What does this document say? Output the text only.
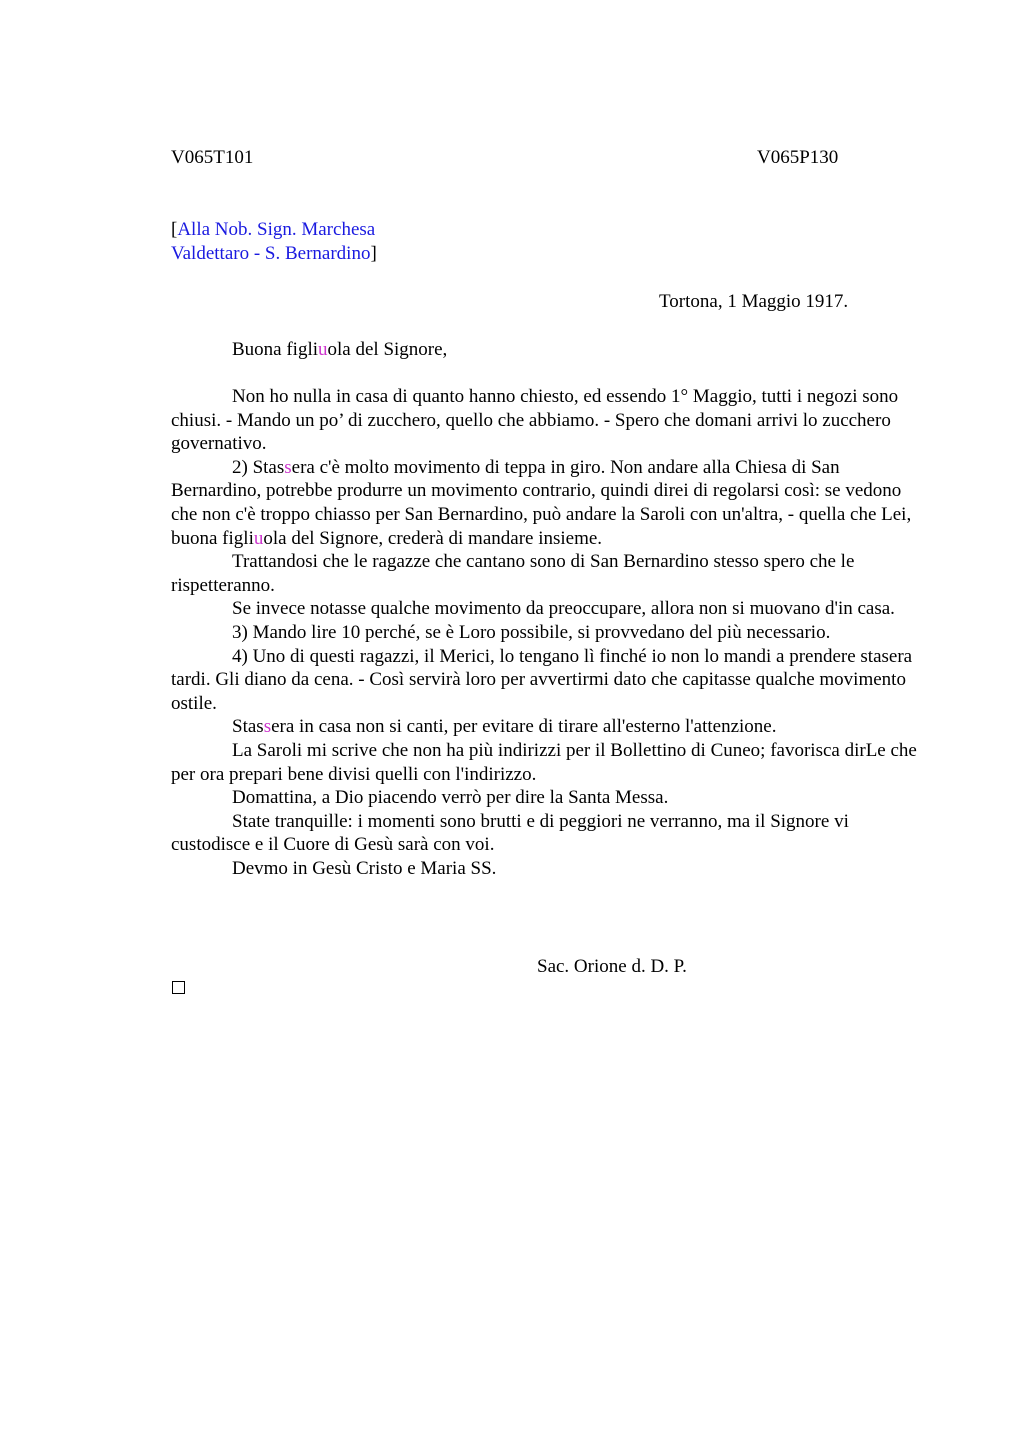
V065T101	V065P130
[Alla Nob. Sign. Marchesa
Valdettaro - S. Bernardino]
Tortona, 1 Maggio 1917.
Buona figliuola del Signore,

Non ho nulla in casa di quanto hanno chiesto, ed essendo 1° Maggio, tutti i negozi sono chiusi. - Mando un po’ di zucchero, quello che abbiamo. - Spero che domani arrivi lo zucchero governativo.

2) Stassera c'è molto movimento di teppa in giro. Non andare alla Chiesa di San Bernardino, potrebbe produrre un movimento contrario, quindi direi di regolarsi così: se vedono che non c'è troppo chiasso per San Bernardino, può andare la Saroli con un'altra, - quella che Lei, buona figliuola del Signore, crederà di mandare insieme.

Trattandosi che le ragazze che cantano sono di San Bernardino stesso spero che le rispetteranno.

Se invece notasse qualche movimento da preoccupare, allora non si muovano d'in casa.

3) Mando lire 10 perché, se è Loro possibile, si provvedano del più necessario.

4) Uno di questi ragazzi, il Merici, lo tengano lì finché io non lo mandi a prendere stasera tardi. Gli diano da cena. - Così servirà loro per avvertirmi dato che capitasse qualche movimento ostile.

Stassera in casa non si canti, per evitare di tirare all'esterno l'attenzione.

La Saroli mi scrive che non ha più indirizzi per il Bollettino di Cuneo; favorisca dirLe che per ora prepari bene divisi quelli con l'indirizzo.

Domattina, a Dio piacendo verrò per dire la Santa Messa.

State tranquille: i momenti sono brutti e di peggiori ne verranno, ma il Signore vi custodisce e il Cuore di Gesù sarà con voi.

Devmo in Gesù Cristo e Maria SS.

Sac. Orione d. D. P.
